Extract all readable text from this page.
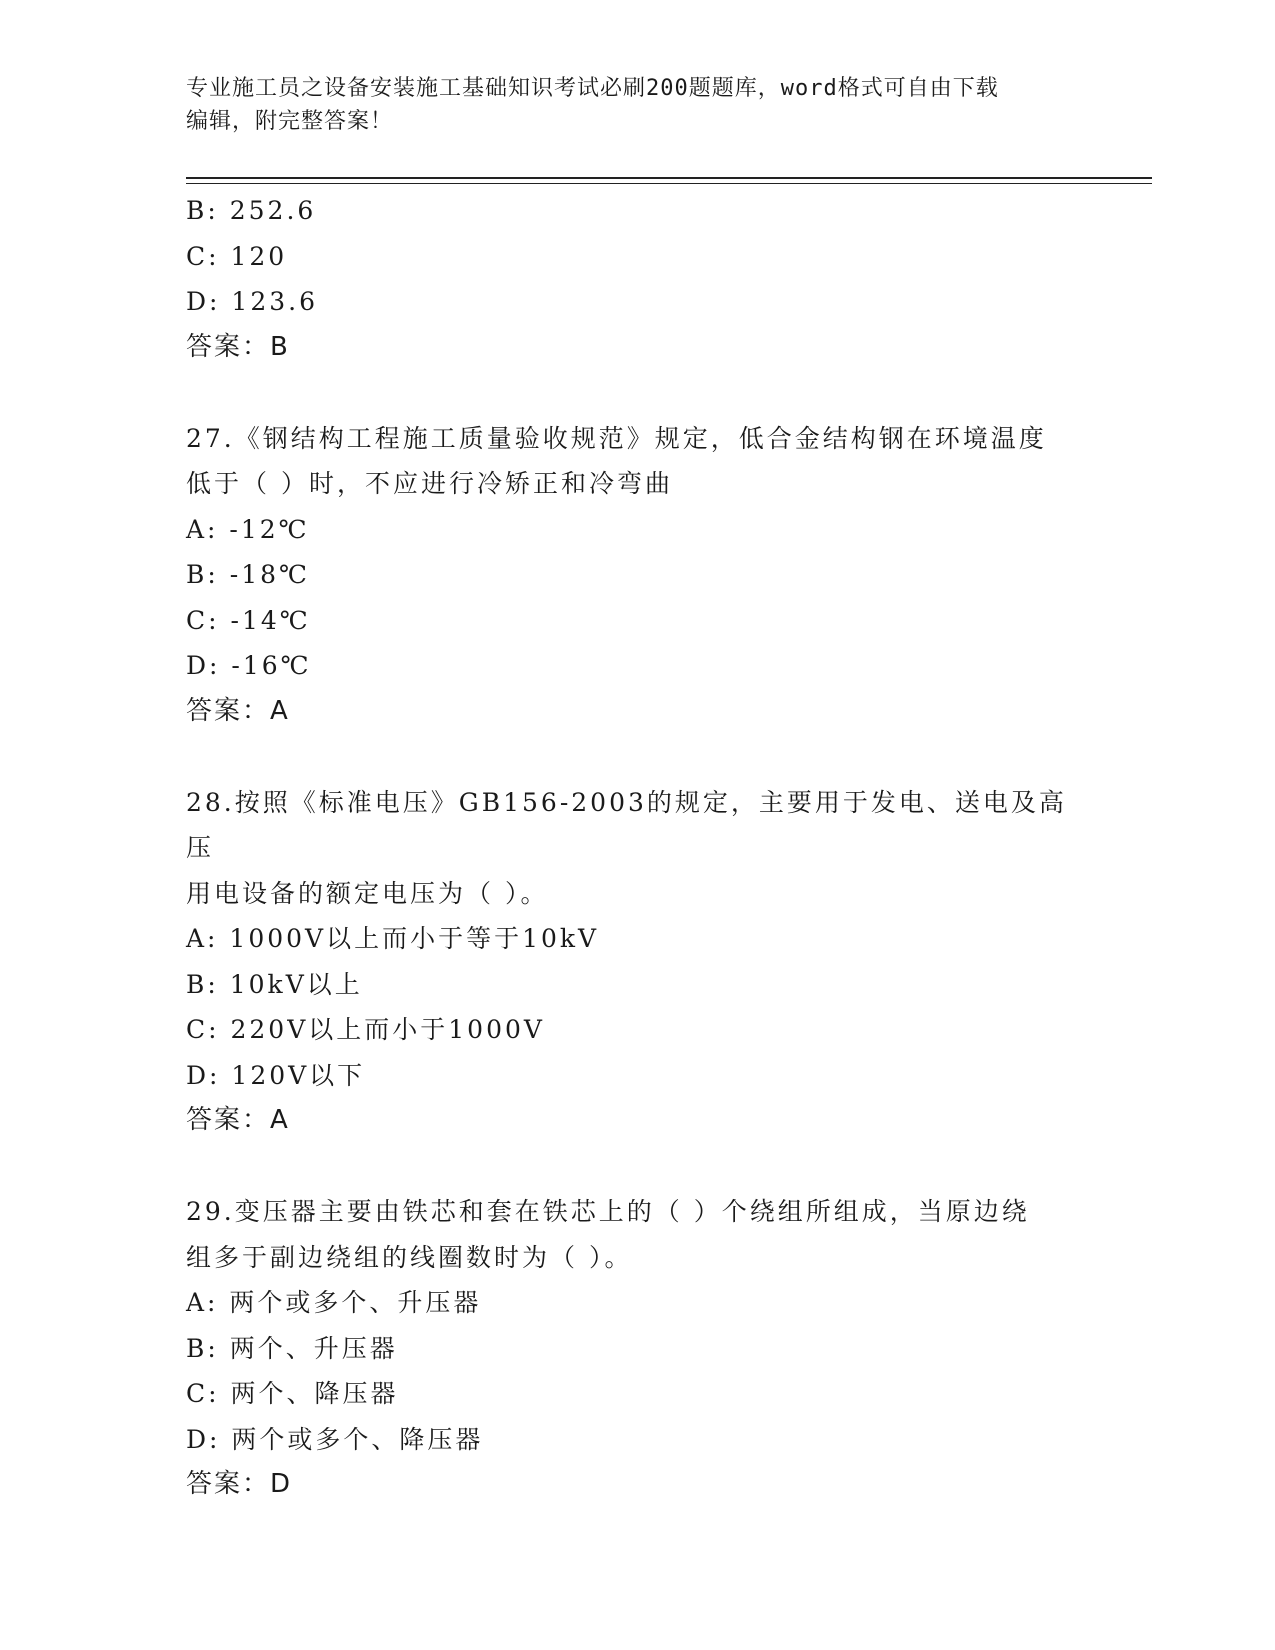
专业施工员之设备安装施工基础知识考试必刷200题题库，word格式可自由下载
编辑，附完整答案！
B: 252.6
C: 120
D: 123.6
答案：B
27.《钢结构工程施工质量验收规范》规定，低合金结构钢在环境温度
低于（ ）时，不应进行冷矫正和冷弯曲
A: -12℃
B: -18℃
C: -14℃
D: -16℃
答案：A
28.按照《标准电压》GB156-2003的规定，主要用于发电、送电及高压
用电设备的额定电压为（ ）。
A: 1000V以上而小于等于10kV
B: 10kV以上
C: 220V以上而小于1000V
D: 120V以下
答案：A
29.变压器主要由铁芯和套在铁芯上的（ ）个绕组所组成，当原边绕
组多于副边绕组的线圈数时为（ ）。
A: 两个或多个、升压器
B: 两个、升压器
C: 两个、降压器
D: 两个或多个、降压器
答案：D
